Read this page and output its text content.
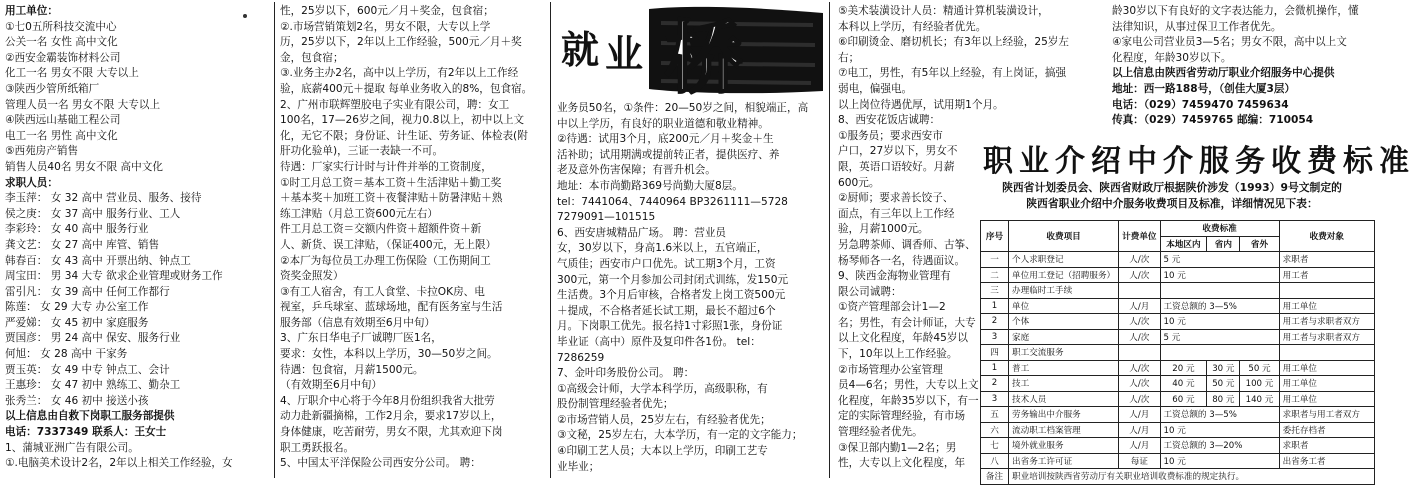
用工单位：

①七0五所科技交流中心

公关一名 女性 高中文化

②西安金霸装饰材料公司

化工一名 男女不限 大专以上

③陕西少管所纸箱厂

管理人员一名 男女不限 大专以上

④陕西远山基础工程公司

电工一名 男性 高中文化

⑤西苑房产销售

销售人员40名 男女不限 高中文化

求职人员：

李玉萍： 女 32 高中 营业员、服务、接待

侯之庚： 女 37 高中 服务行业、工人

李彩玲： 女 40 高中 服务行业

龚文艺： 女 27 高中 库管、销售

韩春百： 女 43 高中 开票出纳、钟点工

周宝田： 男 34 大专 欲求企业管理或财务工作

雷引凡： 女 39 高中 任何工作都行

陈莲： 女 29 大专 办公室工作

严爱娣： 女 45 初中 家庭服务

贾国彦： 男 24 高中 保安、服务行业

何旭： 女 28 高中 干家务

贾玉英： 女 49 中专 钟点工、会计

王惠珍： 女 47 初中 熟练工、勤杂工

张秀兰： 女 46 初中 接送小孩

以上信息由自救下岗职工服务部提供

电话：7337349 联系人：王女士

1、蒲城亚洲广告有限公司。

①.电脑美术设计2名，2年以上相关工作经验，女

性，25岁以下，600元／月＋奖金，包食宿；

②.市场营销策划2名，男女不限，大专以上学

历，25岁以下，2年以上工作经验，500元／月＋奖

金，包食宿；

③.业务主办2名，高中以上学历，有2年以上工作经

验，底薪400元＋提取 每单业务收入的8%，包食宿。

2、广州市联辉塑胶电子实业有限公司，聘：女工

100名，17—26岁之间，视力0.8以上，初中以上文

化，无它不限；身份证、计生证、劳务证、体检表(附

肝功化验单)，三证一表缺一不可。

待遇：厂家实行计时与计件并举的工资制度，

①时工月总工资＝基本工资＋生活津贴＋勤工奖

＋基本奖＋加班工资＋夜餐津贴＋防暑津贴＋熟

练工津贴（月总工资600元左右）

件工月总工资＝交额内件资＋超额件资＋新

人、新货、误工津贴，（保证400元，无上限）

②本厂为每位员工办理工伤保险（工伤期间工

资奖金照发）

③有工人宿舍，有工人食堂、卡拉OK房、电

视室，乒乓球室、蓝球场地，配有医务室与生活

服务部（信息有效期至6月中旬）

3、广东日华电子厂诚聘厂医1名，

要求：女性，本科以上学历，30—50岁之间。

待遇：包食宿，月薪1500元。

（有效期至6月中旬）

4、厅职介中心将于今年8月份组织我省大批劳

动力赴新疆摘棉，工作2月余，要求17岁以上，

身体健康，吃苦耐劳，男女不限，尤其欢迎下岗

职工勇跃报名。

5、中国太平洋保险公司西安分公司。 聘：

就 业 桥

业务员50名，①条件：20—50岁之间，相貌端正，高

中以上学历，有良好的职业道德和敬业精神。

②待遇：试用3个月，底200元／月＋奖金＋生

活补助；试用期满或提前转正者，提供医疗、养

老及意外伤害保障；有晋升机会。

地址：本市尚勤路369号尚勤大厦8层。

tel：7441064、7440964 BP3261111—5728

7279091—101515

6、西安唐城精品广场。 聘：营业员

女，30岁以下，身高1.6米以上，五官端正，

气质佳；西安市户口优先。试工期3个月，工资

300元，第一个月参加公司封闭式训练，发150元

生活费。3个月后审核，合格者发上岗工资500元

＋提成，不合格者延长试工期，最长不超过6个

月。下岗职工优先。报名持1寸彩照1张，身份证

毕业证（高中）原件及复印件各1份。 tel：

7286259

7、金叶印务股份公司。 聘：

①高级会计师，大学本科学历，高级职称，有

股份制管理经验者优先；

②市场营销人员，25岁左右，有经验者优先；

③文秘，25岁左右，大本学历，有一定的文字能力；

④印刷工艺人员；大本以上学历，印刷工艺专

业毕业；

⑤美术装潢设计人员：精通计算机装潢设计，

本科以上学历，有经验者优先。

⑥印刷烫金、磨切机长；有3年以上经验，25岁左

右；

⑦电工，男性，有5年以上经验，有上岗证，搞强

弱电，偏强电。

以上岗位待遇优厚，试用期1个月。

8、西安花饭店诚聘：

①服务员；要求西安市

户口，27岁以下，男女不

限，英语口语较好。月薪

600元。

②厨师；要求善长饺子、

面点，有三年以上工作经

验，月薪1000元。

另急聘茶师、调香师、古筝、

杨琴师各一名，待遇面议。

9、陕西金海物业管理有

限公司诚聘：

①资产管理部会计1—2

名；男性，有会计师证，大专

以上文化程度，年龄45岁以

下，10年以上工作经验。

②市场管理办公室管理

员4—6名；男性，大专以上文

化程度，年龄35岁以下，有一

定的实际管理经验，有市场

管理经验者优先。

③保卫部内勤1—2名；男

性，大专以上文化程度，年

龄30岁以下有良好的文字表达能力，会微机操作，懂

法律知识，从事过保卫工作者优先。

④家电公司营业员3—5名；男女不限，高中以上文

化程度，年龄30岁以下。

以上信息由陕西省劳动厅职业介绍服务中心提供

地址：西一路188号，（创佳大厦3层）

电话：（029）7459470 7459634

传真：（029）7459765 邮编：710054

职业介绍中介服务收费标准
陕西省计划委员会、陕西省财政厅根据陕价涉发（1993）9号文制定的
陕西省职业介绍中介服务收费项目及标准，详细情况见下表：
序号	收费项目	计费单位	收费标准			收费对象
			本地区内	省内	省外	
一	个人求职登记	人/次	5 元			求职者
二	单位用工登记（招聘服务）	人/次	10 元			用工者
三	办理临时工手续					
1	单位	人/月	工资总额的 3—5%			用工单位
2	个体	人/次	10 元			用工者与求职者双方
3	家庭	人/次	5 元			用工者与求职者双方
四	职工交流服务					
1	普工	人/次	20 元	30 元	50 元	用工单位
2	技工	人/次	40 元	50 元	100 元	用工单位
3	技术人员	人/次	60 元	80 元	140 元	用工单位
五	劳务输出中介服务	人/月	工资总额的 3—5%			求职者与用工者双方
六	流动职工档案管理	人/月	10 元			委托存档者
七	境外就业服务	人/月	工资总额的 3—20%			求职者
八	出省务工许可证	每证	10 元			出省务工者
备注	职业培训按陕西省劳动厅有关职业培训收费标准的规定执行。					
